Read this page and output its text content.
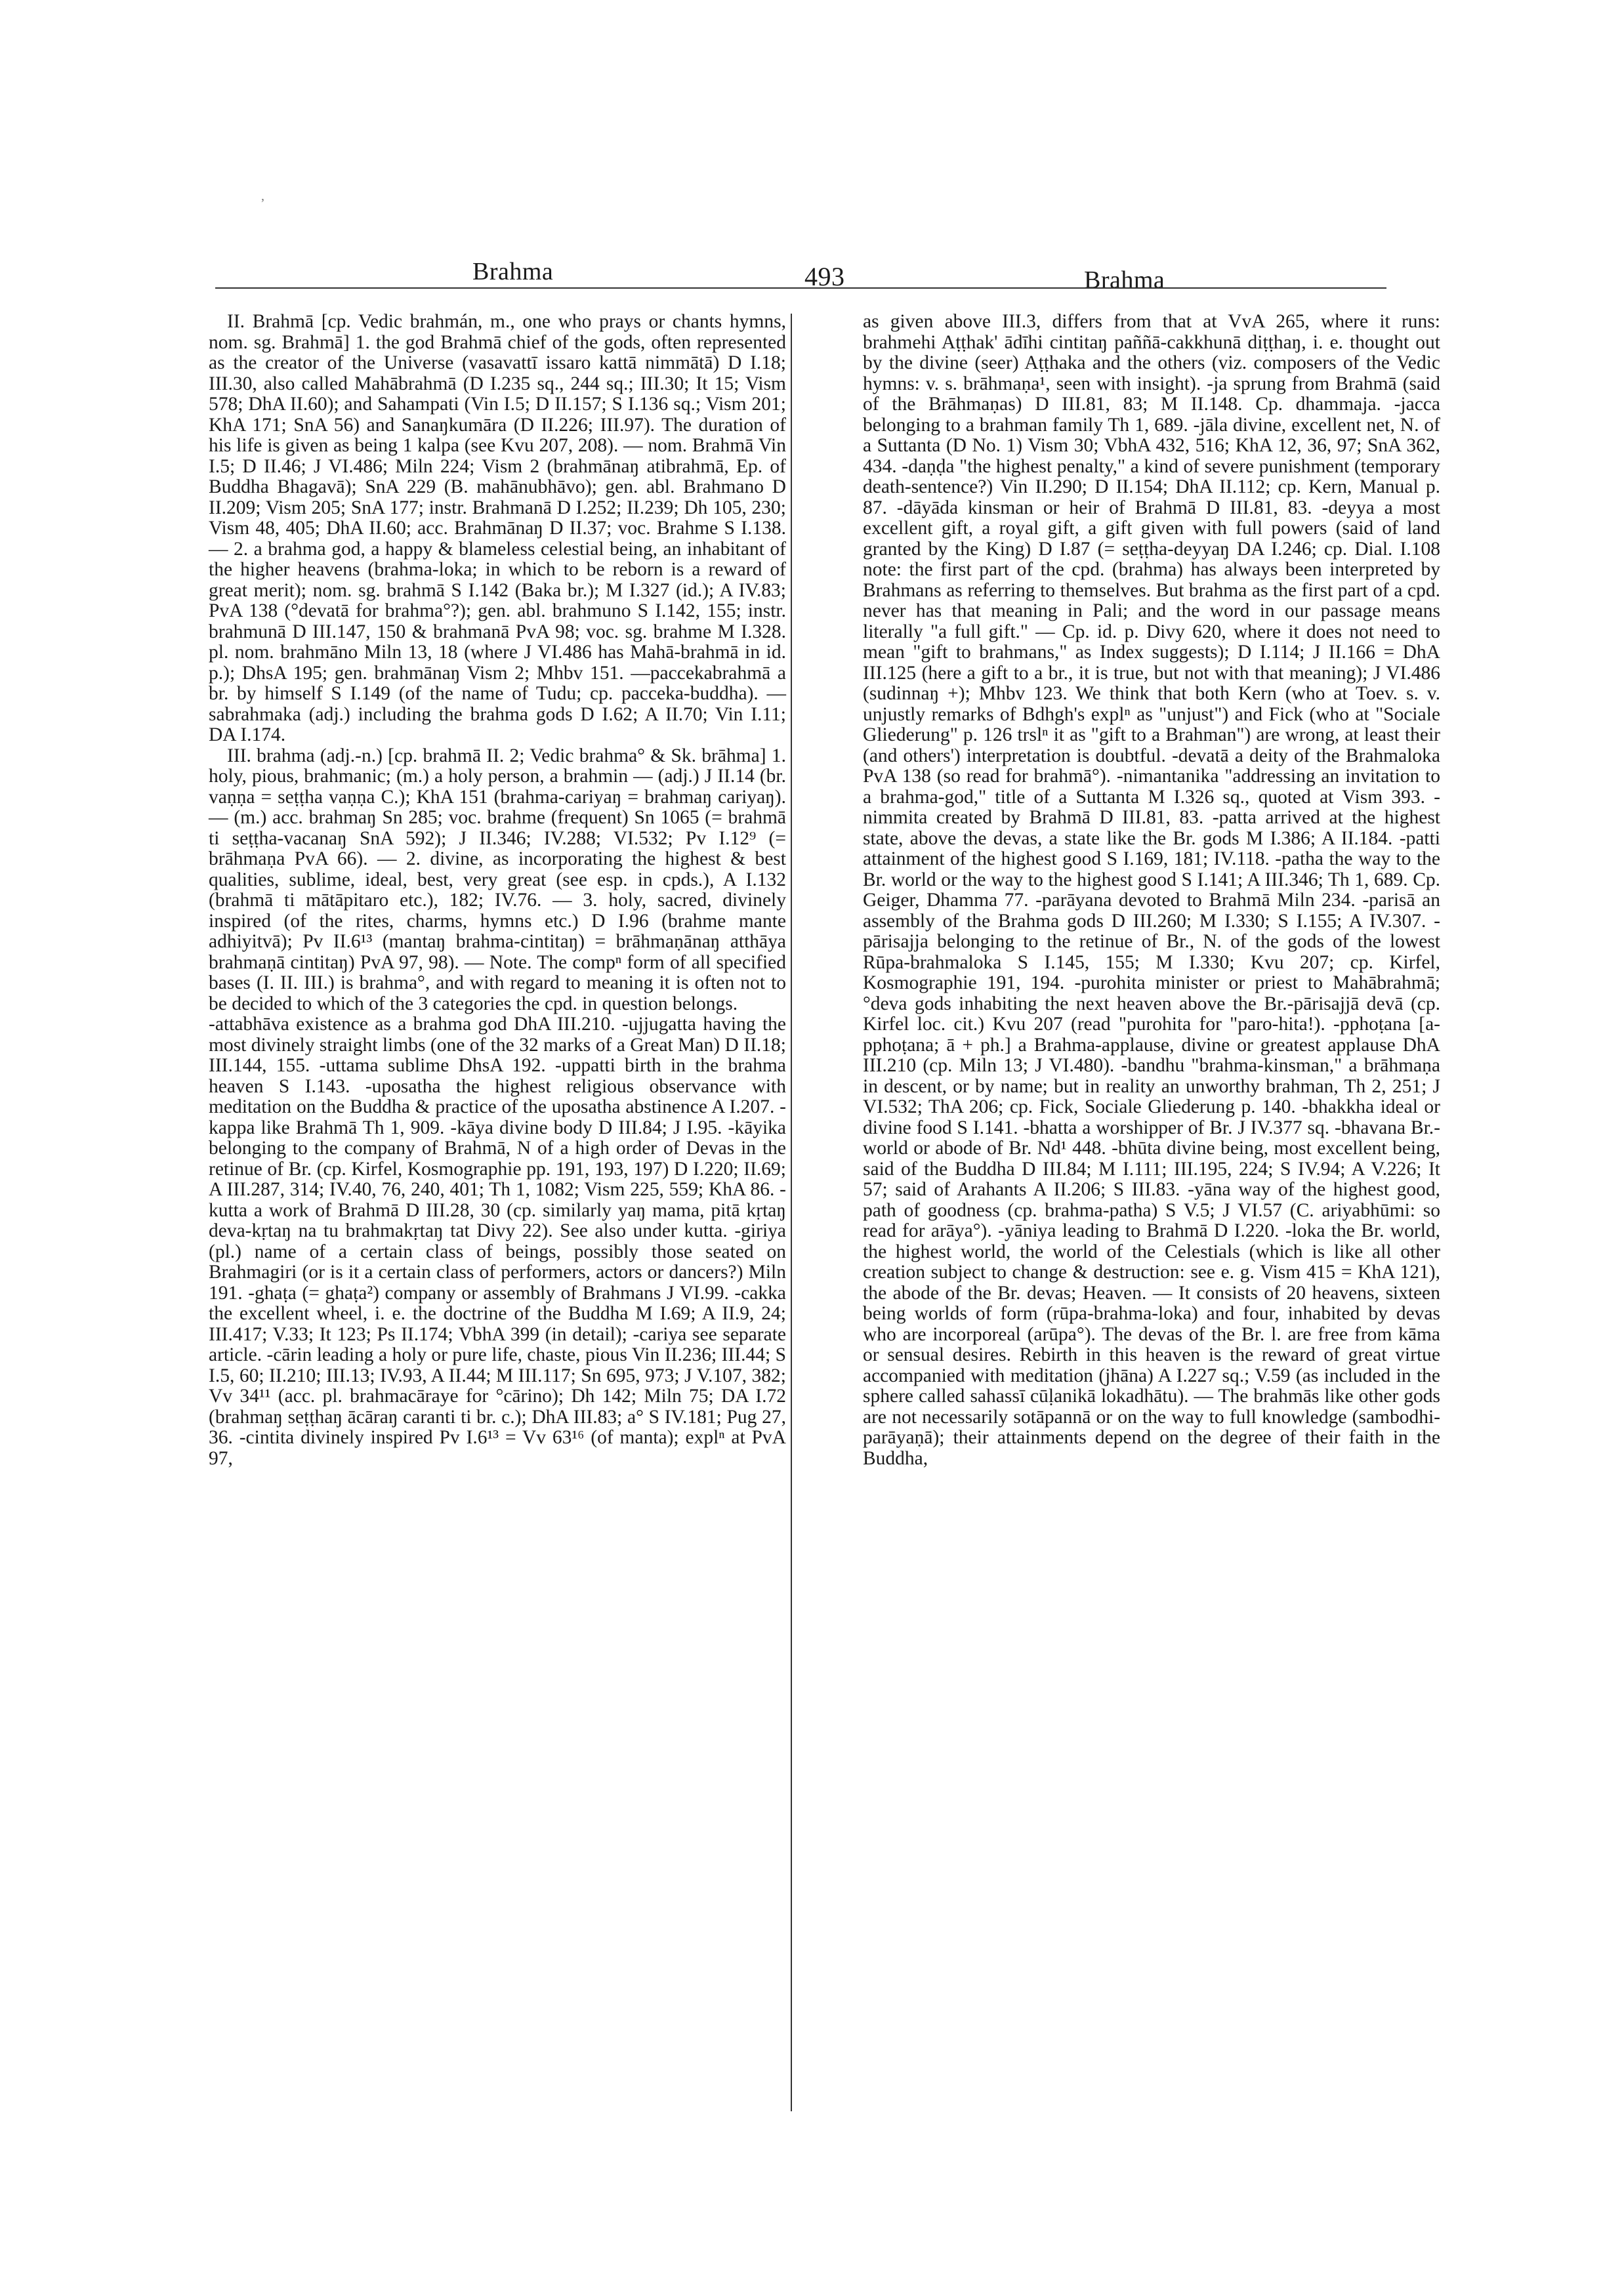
,
Brahma	493	Brahma

II. Brahmā [cp. Vedic brahmán, m., one who prays or chants hymns, nom. sg. Brahmā] 1. the god Brahmā chief of the gods, often represented as the creator of the Universe (vasavattī issaro kattā nimmātā) D I.18; III.30, also called Mahābrahmā (D I.235 sq., 244 sq.; III.30; It 15; Vism 578; DhA II.60); and Sahampati (Vin I.5; D II.157; S I.136 sq.; Vism 201; KhA 171; SnA 56) and Sanaŋkumāra (D II.226; III.97). The duration of his life is given as being 1 kalpa (see Kvu 207, 208). — nom. Brahmā Vin I.5; D II.46; J VI.486; Miln 224; Vism 2 (brahmānaŋ atibrahmā, Ep. of Buddha Bhagavā); SnA 229 (B. mahānubhāvo); gen. abl. Brahmano D II.209; Vism 205; SnA 177; instr. Brahmanā D I.252; II.239; Dh 105, 230; Vism 48, 405; DhA II.60; acc. Brahmānaŋ D II.37; voc. Brahme S I.138. — 2. a brahma god, a happy & blameless celestial being, an inhabitant of the higher heavens (brahma-loka; in which to be reborn is a reward of great merit); nom. sg. brahmā S I.142 (Baka br.); M I.327 (id.); A IV.83; PvA 138 (°devatā for brahma°?); gen. abl. brahmuno S I.142, 155; instr. brahmunā D III.147, 150 & brahmanā PvA 98; voc. sg. brahme M I.328. pl. nom. brahmāno Miln 13, 18 (where J VI.486 has Mahā-brahmā in id. p.); DhsA 195; gen. brahmānaŋ Vism 2; Mhbv 151. —paccekabrahmā a br. by himself S I.149 (of the name of Tudu; cp. pacceka-buddha). —sabrahmaka (adj.) including the brahma gods D I.62; A II.70; Vin I.11; DA I.174.

III. brahma (adj.-n.) [cp. brahmā II. 2; Vedic brahma° & Sk. brāhma] 1. holy, pious, brahmanic; (m.) a holy person, a brahmin — (adj.) J II.14 (br. vaṇṇa = seṭṭha vaṇṇa C.); KhA 151 (brahma-cariyaŋ = brahmaŋ cariyaŋ). — (m.) acc. brahmaŋ Sn 285; voc. brahme (frequent) Sn 1065 (= brahmā ti seṭṭha-vacanaŋ SnA 592); J II.346; IV.288; VI.532; Pv I.12⁹ (= brāhmaṇa PvA 66). — 2. divine, as incorporating the highest & best qualities, sublime, ideal, best, very great (see esp. in cpds.), A I.132 (brahmā ti mātāpitaro etc.), 182; IV.76. — 3. holy, sacred, divinely inspired (of the rites, charms, hymns etc.) D I.96 (brahme mante adhiyitvā); Pv II.6¹³ (mantaŋ brahma-cintitaŋ) = brāhmaṇānaŋ atthāya brahmaṇā cintitaŋ) PvA 97, 98). — Note. The compⁿ form of all specified bases (I. II. III.) is brahma°, and with regard to meaning it is often not to be decided to which of the 3 categories the cpd. in question belongs.

-attabhāva existence as a brahma god DhA III.210. -ujjugatta having the most divinely straight limbs (one of the 32 marks of a Great Man) D II.18; III.144, 155. -uttama sublime DhsA 192. -uppatti birth in the brahma heaven S I.143. -uposatha the highest religious observance with meditation on the Buddha & practice of the uposatha abstinence A I.207. -kappa like Brahmā Th 1, 909. -kāya divine body D III.84; J I.95. -kāyika belonging to the company of Brahmā, N of a high order of Devas in the retinue of Br. (cp. Kirfel, Kosmographie pp. 191, 193, 197) D I.220; II.69; A III.287, 314; IV.40, 76, 240, 401; Th 1, 1082; Vism 225, 559; KhA 86. -kutta a work of Brahmā D III.28, 30 (cp. similarly yaŋ mama, pitā kṛtaŋ deva-kṛtaŋ na tu brahmakṛtaŋ tat Divy 22). See also under kutta. -giriya (pl.) name of a certain class of beings, possibly those seated on Brahmagiri (or is it a certain class of performers, actors or dancers?) Miln 191. -ghaṭa (= ghaṭa²) company or assembly of Brahmans J VI.99. -cakka the excellent wheel, i. e. the doctrine of the Buddha M I.69; A II.9, 24; III.417; V.33; It 123; Ps II.174; VbhA 399 (in detail); -cariya see separate article. -cārin leading a holy or pure life, chaste, pious Vin II.236; III.44; S I.5, 60; II.210; III.13; IV.93, A II.44; M III.117; Sn 695, 973; J V.107, 382; Vv 34¹¹ (acc. pl. brahmacāraye for °cārino); Dh 142; Miln 75; DA I.72 (brahmaŋ seṭṭhaŋ ācāraŋ caranti ti br. c.); DhA III.83; a° S IV.181; Pug 27, 36. -cintita divinely inspired Pv I.6¹³ = Vv 63¹⁶ (of manta); explⁿ at PvA 97,

as given above III.3, differs from that at VvA 265, where it runs: brahmehi Aṭṭhak' ādīhi cintitaŋ paññā-cakkhunā diṭṭhaŋ, i. e. thought out by the divine (seer) Aṭṭhaka and the others (viz. composers of the Vedic hymns: v. s. brāhmaṇa¹, seen with insight). -ja sprung from Brahmā (said of the Brāhmaṇas) D III.81, 83; M II.148. Cp. dhammaja. -jacca belonging to a brahman family Th 1, 689. -jāla divine, excellent net, N. of a Suttanta (D No. 1) Vism 30; VbhA 432, 516; KhA 12, 36, 97; SnA 362, 434. -daṇḍa "the highest penalty," a kind of severe punishment (temporary death-sentence?) Vin II.290; D II.154; DhA II.112; cp. Kern, Manual p. 87. -dāyāda kinsman or heir of Brahmā D III.81, 83. -deyya a most excellent gift, a royal gift, a gift given with full powers (said of land granted by the King) D I.87 (= seṭṭha-deyyaŋ DA I.246; cp. Dial. I.108 note: the first part of the cpd. (brahma) has always been interpreted by Brahmans as referring to themselves. But brahma as the first part of a cpd. never has that meaning in Pali; and the word in our passage means literally "a full gift." — Cp. id. p. Divy 620, where it does not need to mean "gift to brahmans," as Index suggests); D I.114; J II.166 = DhA III.125 (here a gift to a br., it is true, but not with that meaning); J VI.486 (sudinnaŋ +); Mhbv 123. We think that both Kern (who at Toev. s. v. unjustly remarks of Bdhgh's explⁿ as "unjust") and Fick (who at "Sociale Gliederung" p. 126 trslⁿ it as "gift to a Brahman") are wrong, at least their (and others') interpretation is doubtful. -devatā a deity of the Brahmaloka PvA 138 (so read for brahmā°). -nimantanika "addressing an invitation to a brahma-god," title of a Suttanta M I.326 sq., quoted at Vism 393. -nimmita created by Brahmā D III.81, 83. -patta arrived at the highest state, above the devas, a state like the Br. gods M I.386; A II.184. -patti attainment of the highest good S I.169, 181; IV.118. -patha the way to the Br. world or the way to the highest good S I.141; A III.346; Th 1, 689. Cp. Geiger, Dhamma 77. -parāyana devoted to Brahmā Miln 234. -parisā an assembly of the Brahma gods D III.260; M I.330; S I.155; A IV.307. -pārisajja belonging to the retinue of Br., N. of the gods of the lowest Rūpa-brahmaloka S I.145, 155; M I.330; Kvu 207; cp. Kirfel, Kosmographie 191, 194. -purohita minister or priest to Mahābrahmā; °deva gods inhabiting the next heaven above the Br.-pārisajjā devā (cp. Kirfel loc. cit.) Kvu 207 (read "purohita for "paro-hita!). -pphoṭana [a-pphoṭana; ā + ph.] a Brahma-applause, divine or greatest applause DhA III.210 (cp. Miln 13; J VI.480). -bandhu "brahma-kinsman," a brāhmaṇa in descent, or by name; but in reality an unworthy brahman, Th 2, 251; J VI.532; ThA 206; cp. Fick, Sociale Gliederung p. 140. -bhakkha ideal or divine food S I.141. -bhatta a worshipper of Br. J IV.377 sq. -bhavana Br.-world or abode of Br. Nd¹ 448. -bhūta divine being, most excellent being, said of the Buddha D III.84; M I.111; III.195, 224; S IV.94; A V.226; It 57; said of Arahants A II.206; S III.83. -yāna way of the highest good, path of goodness (cp. brahma-patha) S V.5; J VI.57 (C. ariyabhūmi: so read for arāya°). -yāniya leading to Brahmā D I.220. -loka the Br. world, the highest world, the world of the Celestials (which is like all other creation subject to change & destruction: see e. g. Vism 415 = KhA 121), the abode of the Br. devas; Heaven. — It consists of 20 heavens, sixteen being worlds of form (rūpa-brahma-loka) and four, inhabited by devas who are incorporeal (arūpa°). The devas of the Br. l. are free from kāma or sensual desires. Rebirth in this heaven is the reward of great virtue accompanied with meditation (jhāna) A I.227 sq.; V.59 (as included in the sphere called sahassī cūḷanikā lokadhātu). — The brahmās like other gods are not necessarily sotāpannā or on the way to full knowledge (sambodhi-parāyaṇā); their attainments depend on the degree of their faith in the Buddha,
